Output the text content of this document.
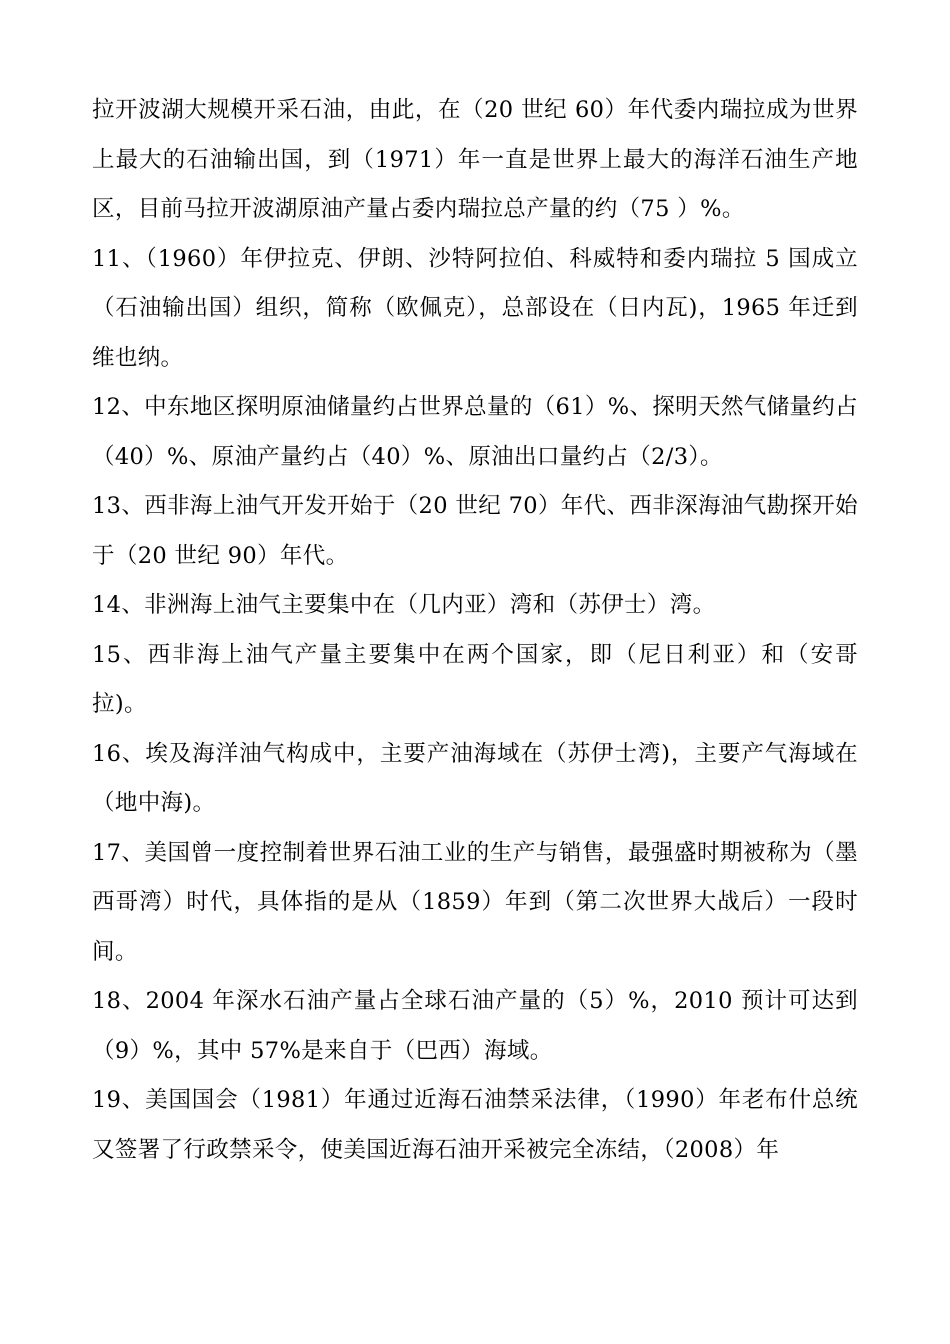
拉开波湖大规模开采石油，由此，在（20 世纪 60）年代委内瑞拉成为世界上最大的石油输出国，到（1971）年一直是世界上最大的海洋石油生产地区，目前马拉开波湖原油产量占委内瑞拉总产量的约（75 ）%。

11、（1960）年伊拉克、伊朗、沙特阿拉伯、科威特和委内瑞拉 5 国成立（石油输出国）组织，简称（欧佩克），总部设在（日内瓦)，1965 年迁到维也纳。

12、中东地区探明原油储量约占世界总量的（61）%、探明天然气储量约占（40）%、原油产量约占（40）%、原油出口量约占（2/3）。

13、西非海上油气开发开始于（20 世纪 70）年代、西非深海油气勘探开始于（20 世纪 90）年代。

14、非洲海上油气主要集中在（几内亚）湾和（苏伊士）湾。

15、西非海上油气产量主要集中在两个国家，即（尼日利亚）和（安哥拉)。

16、埃及海洋油气构成中，主要产油海域在（苏伊士湾)，主要产气海域在（地中海)。

17、美国曾一度控制着世界石油工业的生产与销售，最强盛时期被称为（墨西哥湾）时代，具体指的是从（1859）年到（第二次世界大战后）一段时间。

18、2004 年深水石油产量占全球石油产量的（5）%，2010 预计可达到（9）%，其中 57%是来自于（巴西）海域。

19、美国国会（1981）年通过近海石油禁采法律，（1990）年老布什总统又签署了行政禁采令，使美国近海石油开采被完全冻结，（2008）年
